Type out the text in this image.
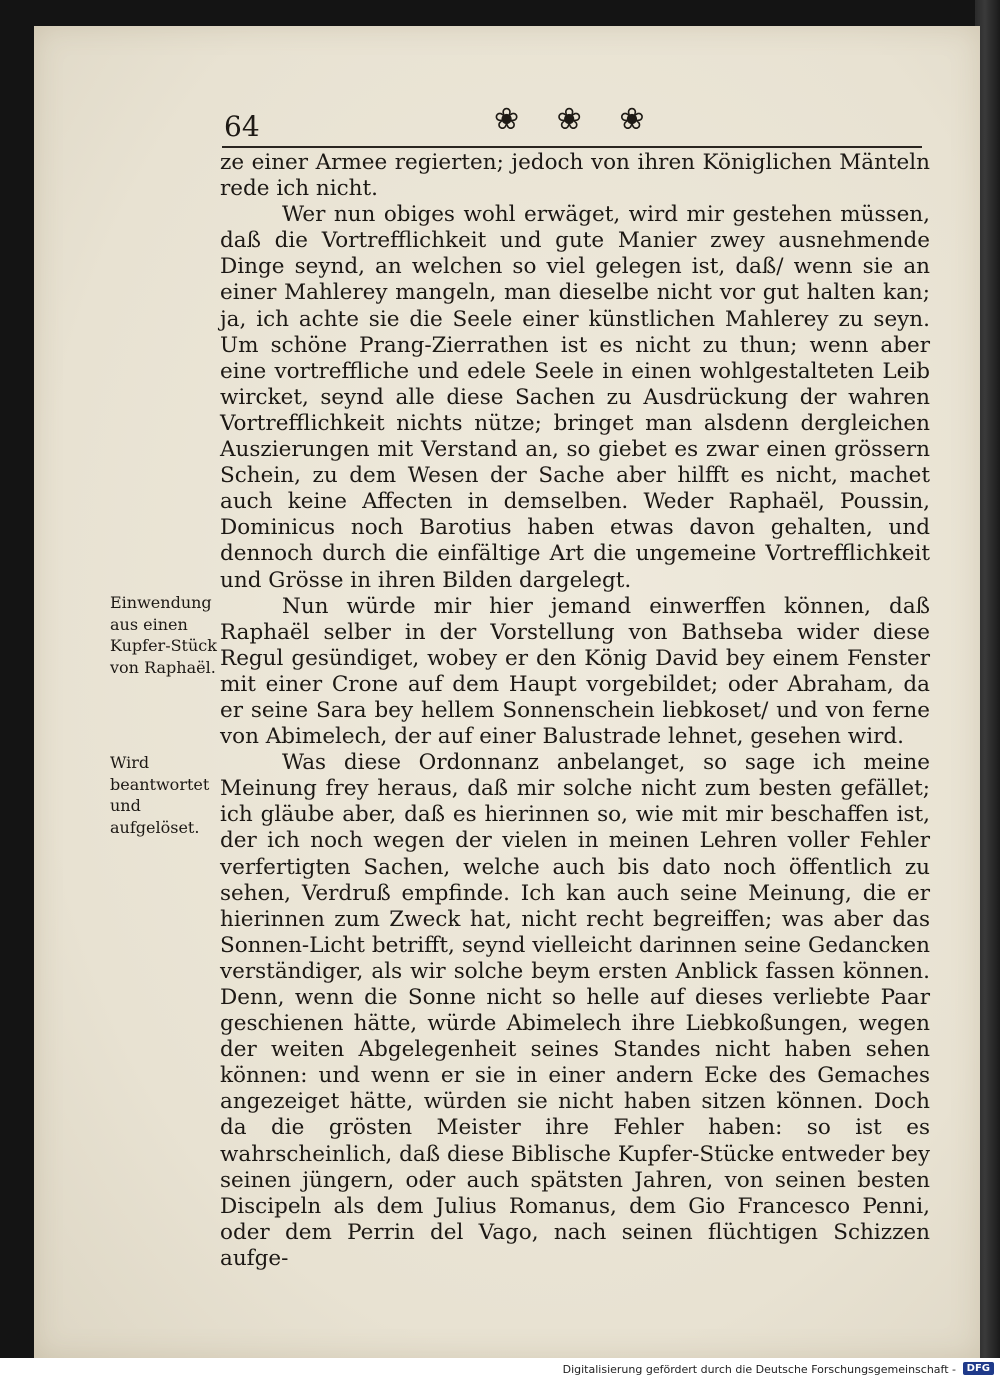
64	❀ ❀ ❀

ze einer Armee regierten; jedoch von ihren Königlichen Mänteln rede ich nicht.

Wer nun obiges wohl erwäget, wird mir gestehen müssen, daß die Vortrefflichkeit und gute Manier zwey ausnehmende Dinge seynd, an welchen so viel gelegen ist, daß/ wenn sie an einer Mahlerey mangeln, man dieselbe nicht vor gut halten kan; ja, ich achte sie die Seele einer künstlichen Mahlerey zu seyn. Um schöne Prang-Zierrathen ist es nicht zu thun; wenn aber eine vortreffliche und edele Seele in einen wohlgestalteten Leib wircket, seynd alle diese Sachen zu Ausdrückung der wahren Vortrefflichkeit nichts nütze; bringet man alsdenn dergleichen Auszierungen mit Verstand an, so giebet es zwar einen grössern Schein, zu dem Wesen der Sache aber hilfft es nicht, machet auch keine Affecten in demselben. Weder Raphaël, Poussin, Dominicus noch Barotius haben etwas davon gehalten, und dennoch durch die einfältige Art die ungemeine Vortrefflichkeit und Grösse in ihren Bilden dargelegt.

Nun würde mir hier jemand einwerffen können, daß Raphaël selber in der Vorstellung von Bathseba wider diese Regul gesündiget, wobey er den König David bey einem Fenster mit einer Crone auf dem Haupt vorgebildet; oder Abraham, da er seine Sara bey hellem Sonnenschein liebkoset/ und von ferne von Abimelech, der auf einer Balustrade lehnet, gesehen wird.

Was diese Ordonnanz anbelanget, so sage ich meine Meinung frey heraus, daß mir solche nicht zum besten gefället; ich gläube aber, daß es hierinnen so, wie mit mir beschaffen ist, der ich noch wegen der vielen in meinen Lehren voller Fehler verfertigten Sachen, welche auch bis dato noch öffentlich zu sehen, Verdruß empfinde. Ich kan auch seine Meinung, die er hierinnen zum Zweck hat, nicht recht begreiffen; was aber das Sonnen-Licht betrifft, seynd vielleicht darinnen seine Gedancken verständiger, als wir solche beym ersten Anblick fassen können. Denn, wenn die Sonne nicht so helle auf dieses verliebte Paar geschienen hätte, würde Abimelech ihre Liebkoßungen, wegen der weiten Abgelegenheit seines Standes nicht haben sehen können: und wenn er sie in einer andern Ecke des Gemaches angezeiget hätte, würden sie nicht haben sitzen können. Doch da die grösten Meister ihre Fehler haben: so ist es wahrscheinlich, daß diese Biblische Kupfer-Stücke entweder bey seinen jüngern, oder auch spätsten Jahren, von seinen besten Discipeln als dem Julius Romanus, dem Gio Francesco Penni, oder dem Perrin del Vago, nach seinen flüchtigen Schizzen aufge-

Einwendung aus einen Kupfer-Stück von Raphaël.
Wird beantwortet und aufgelöset.
Digitalisierung gefördert durch die Deutsche Forschungsgemeinschaft -	DFG
